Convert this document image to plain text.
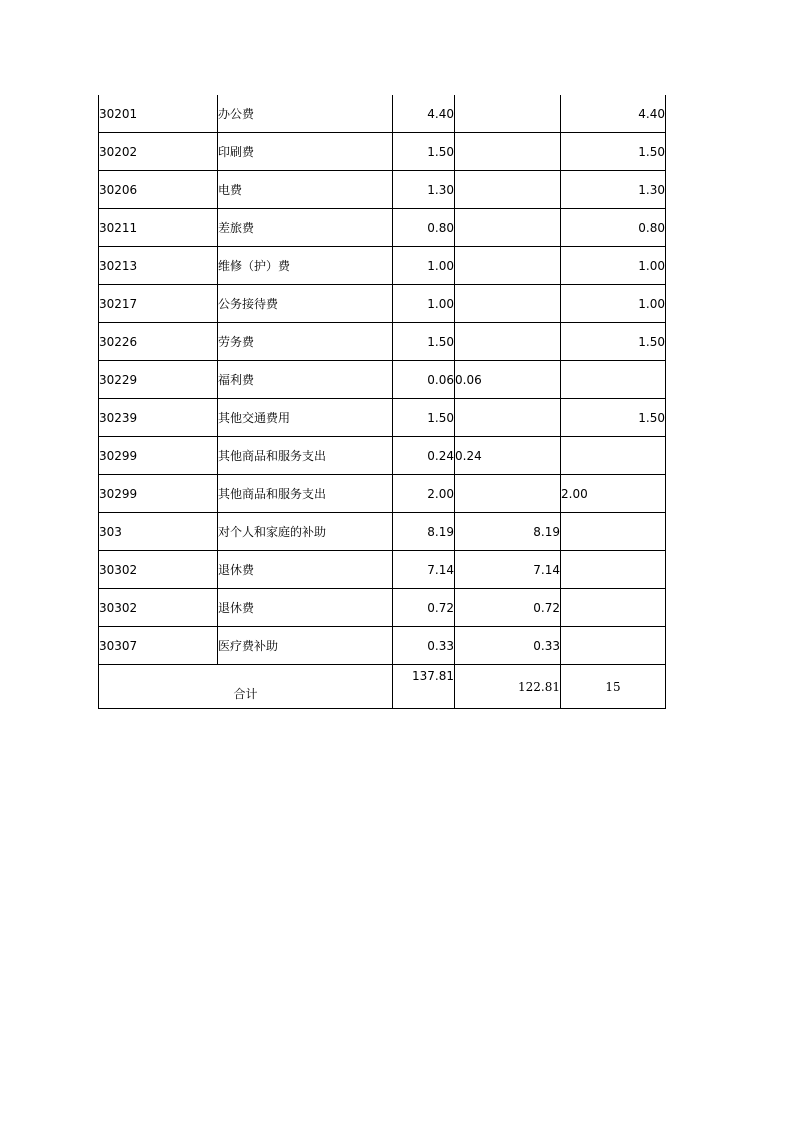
30201	办公费	4.40		4.40
30202	印刷费	1.50		1.50
30206	电费	1.30		1.30
30211	差旅费	0.80		0.80
30213	维修（护）费	1.00		1.00
30217	公务接待费	1.00		1.00
30226	劳务费	1.50		1.50
30229	福利费	0.06	0.06	
30239	其他交通费用	1.50		1.50
30299	其他商品和服务支出	0.24	0.24	
30299	其他商品和服务支出	2.00		2.00
303	对个人和家庭的补助	8.19	8.19	
30302	退休费	7.14	7.14	
30302	退休费	0.72	0.72	
30307	医疗费补助	0.33	0.33	
合计		137.81	122.81	15
